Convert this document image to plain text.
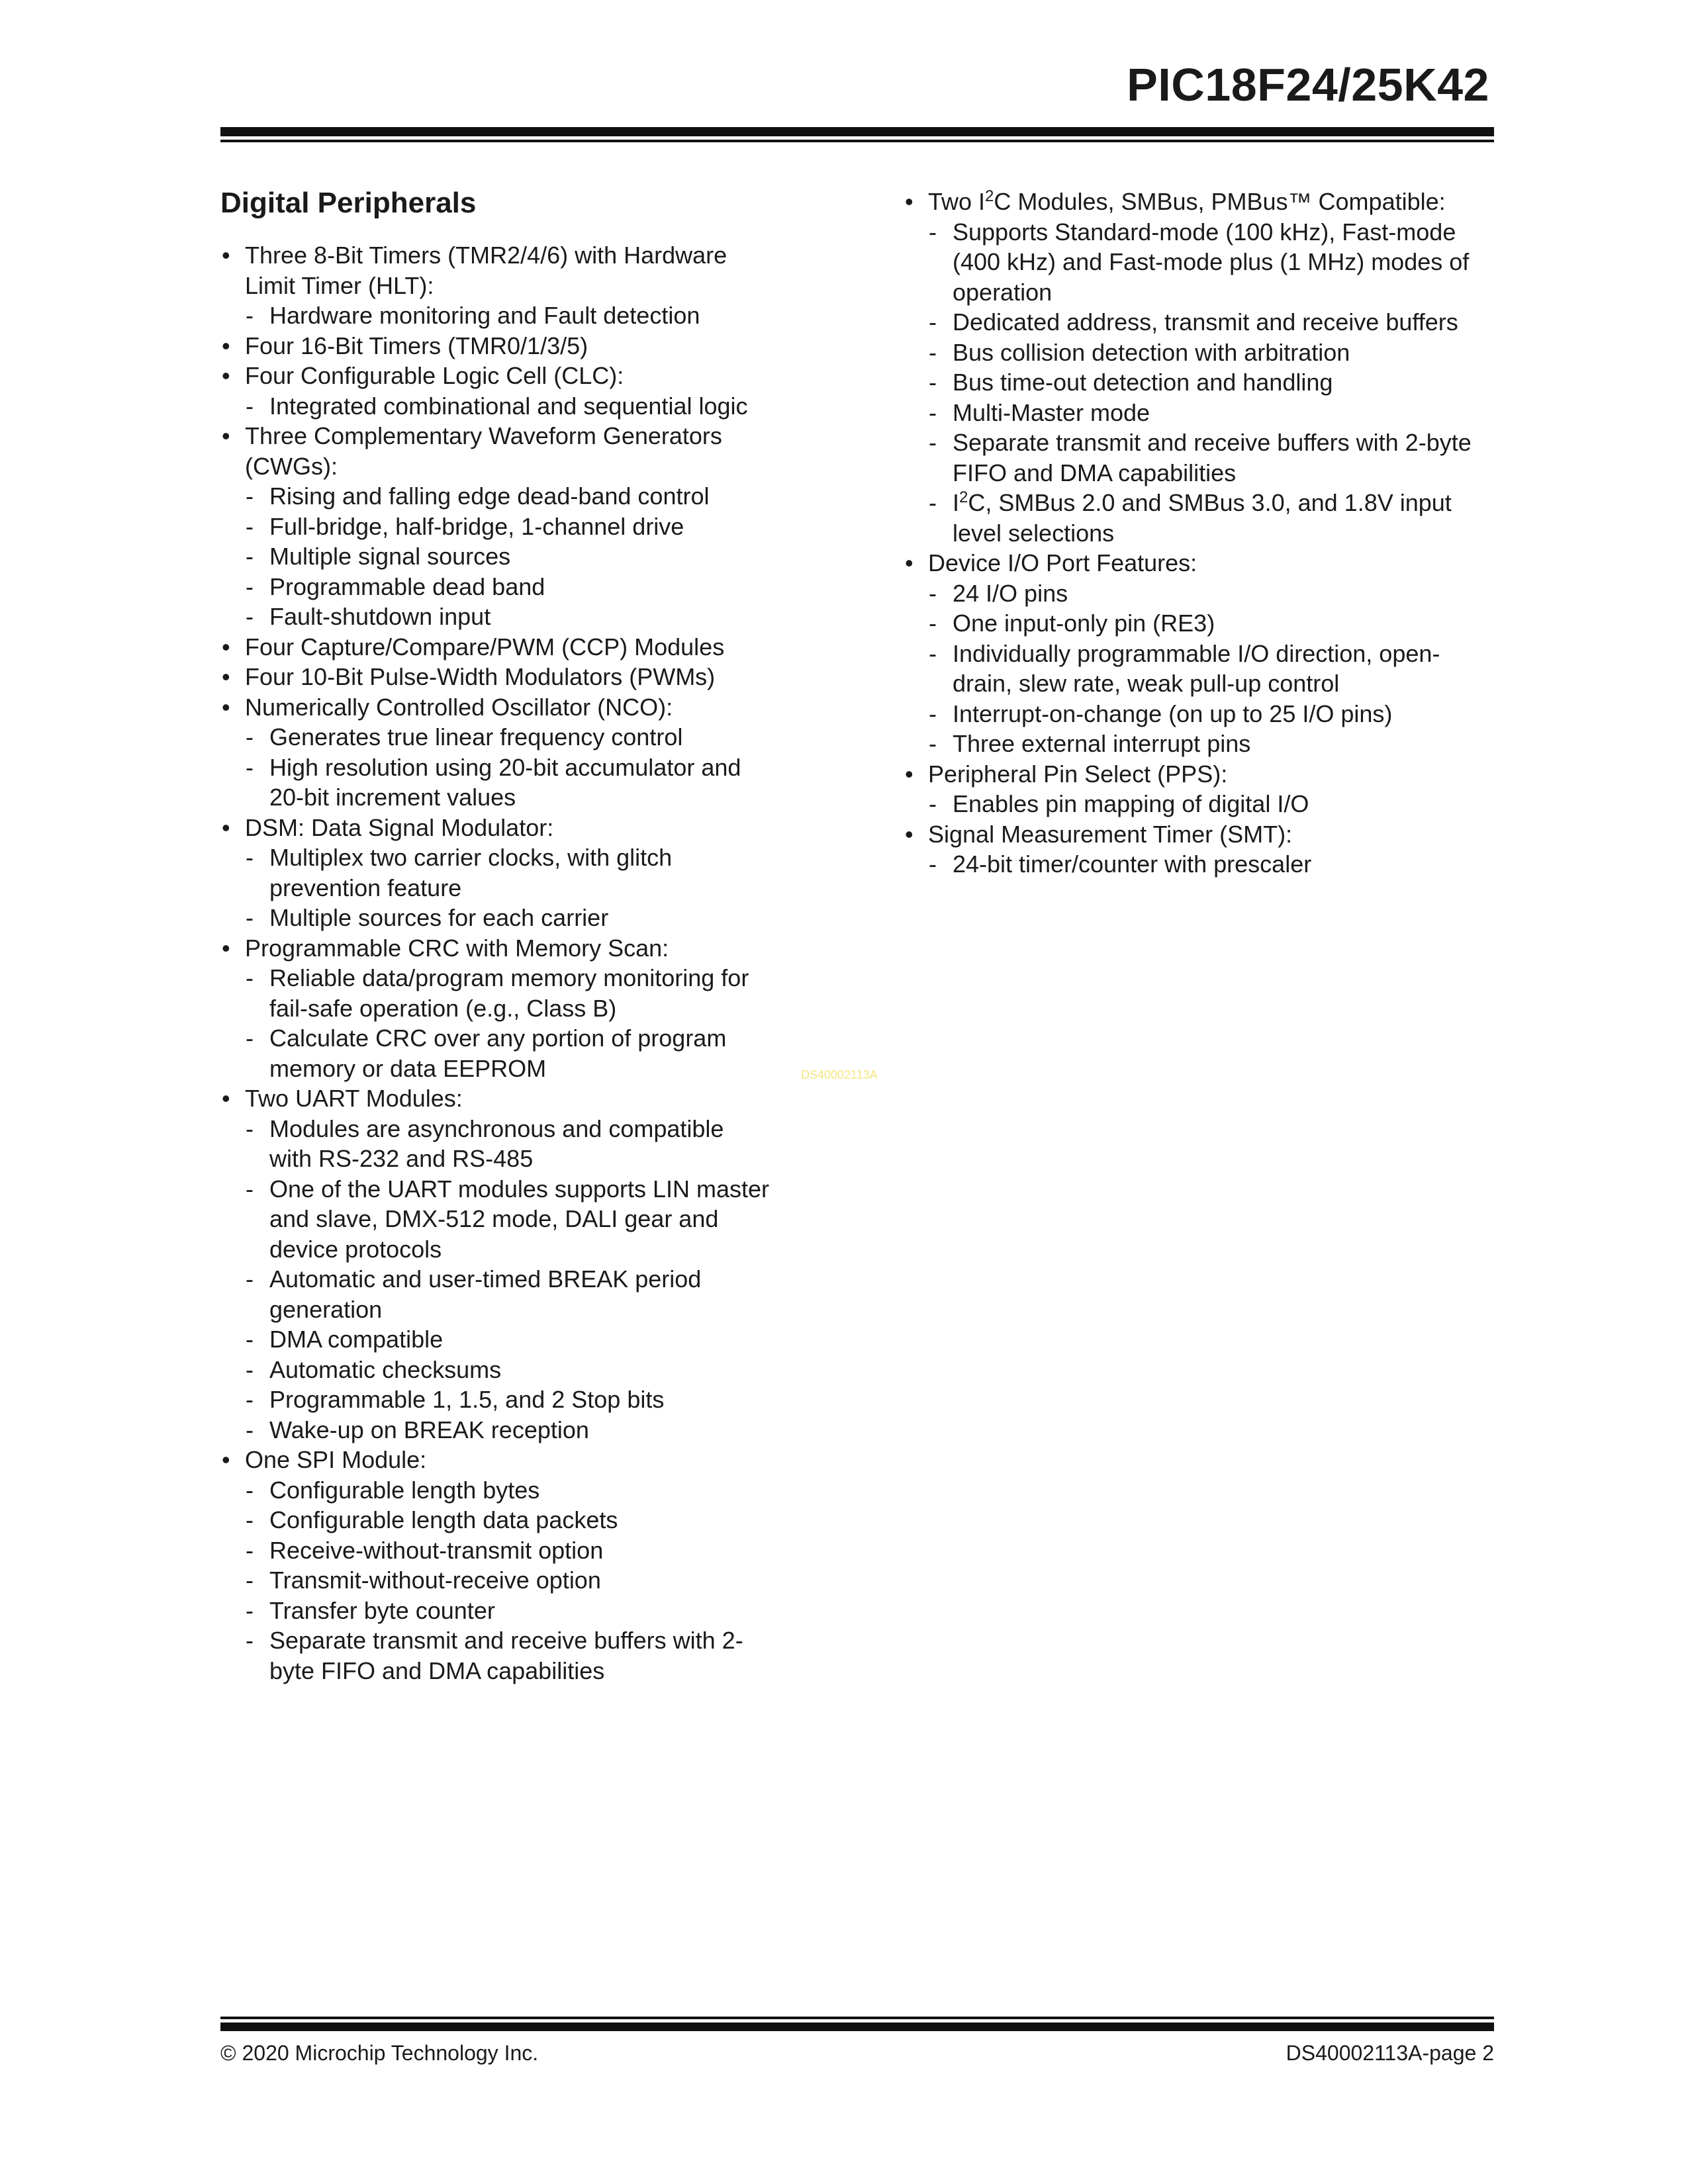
PIC18F24/25K42
Digital Peripherals
• Three 8-Bit Timers (TMR2/4/6) with Hardware Limit Timer (HLT):
- Hardware monitoring and Fault detection
• Four 16-Bit Timers (TMR0/1/3/5)
• Four Configurable Logic Cell (CLC):
- Integrated combinational and sequential logic
• Three Complementary Waveform Generators (CWGs):
- Rising and falling edge dead-band control
- Full-bridge, half-bridge, 1-channel drive
- Multiple signal sources
- Programmable dead band
- Fault-shutdown input
• Four Capture/Compare/PWM (CCP) Modules
• Four 10-Bit Pulse-Width Modulators (PWMs)
• Numerically Controlled Oscillator (NCO):
- Generates true linear frequency control
- High resolution using 20-bit accumulator and 20-bit increment values
• DSM: Data Signal Modulator:
- Multiplex two carrier clocks, with glitch prevention feature
- Multiple sources for each carrier
• Programmable CRC with Memory Scan:
- Reliable data/program memory monitoring for fail-safe operation (e.g., Class B)
- Calculate CRC over any portion of program memory or data EEPROM
• Two UART Modules:
- Modules are asynchronous and compatible with RS-232 and RS-485
- One of the UART modules supports LIN master and slave, DMX-512 mode, DALI gear and device protocols
- Automatic and user-timed BREAK period generation
- DMA compatible
- Automatic checksums
- Programmable 1, 1.5, and 2 Stop bits
- Wake-up on BREAK reception
• One SPI Module:
- Configurable length bytes
- Configurable length data packets
- Receive-without-transmit option
- Transmit-without-receive option
- Transfer byte counter
- Separate transmit and receive buffers with 2-byte FIFO and DMA capabilities
• Two $I^2C$ Modules, SMBus, PMBus™ Compatible:
- Supports Standard-mode (100 kHz), Fast-mode (400 kHz) and Fast-mode plus (1 MHz) modes of operation
- Dedicated address, transmit and receive buffers
- Bus collision detection with arbitration
- Bus time-out detection and handling
- Multi-Master mode
- Separate transmit and receive buffers with 2-byte FIFO and DMA capabilities
- $I^2C$, SMBus 2.0 and SMBus 3.0, and 1.8V input level selections
• Device I/O Port Features:
- 24 I/O pins
- One input-only pin (RE3)
- Individually programmable I/O direction, open-drain, slew rate, weak pull-up control
- Interrupt-on-change (on up to 25 I/O pins)
- Three external interrupt pins
• Peripheral Pin Select (PPS):
- Enables pin mapping of digital I/O
• Signal Measurement Timer (SMT):
- 24-bit timer/counter with prescaler
DS40002113A
© 2020 Microchip Technology Inc.	DS40002113A-page 2
